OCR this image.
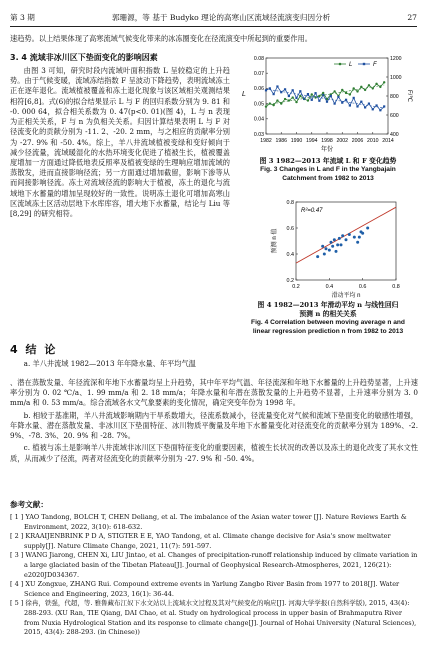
第 3 期	郭珊源，等 基于 Budyko 理论的高寒山区流域径流演变归因分析	27

速趋势。以上结果体现了高寒流域气候变化带来的冰冻圈变化在径流演变中所起到的重要作用。

3. 4 流域非冰川区下垫面变化的影响因素

由图 3 可知，研究时段内流域叶面积指数 L 呈较稳定的上升趋势。由于气候变暖，流域冻结指数 F 呈波动下降趋势，表明流域冻土正在逐年退化。流域植被覆盖和冻土退化现象与该区域相关观测结果相符[6,8]。式(6)的拟合结果显示 L 与 F 的回归系数分别为 9. 81 和 -0. 000 64，拟合相关系数为 0. 47(p<0. 01)(图 4)，L 与 n 表现为正相关关系，F 与 n 为负相关关系。归因计算结果表明 L 与 F 对径流变化的贡献分别为 -11. 2、-20. 2 mm，与之相应的贡献率分别为 -27. 9% 和 -50. 4%。综上，羊八井流域植被变绿和变好倾向于减少径流量，流域暖湿化的水热环境变化促进了植被生长，植被覆盖度增加一方面通过降低地表反照率及植被变绿的生理响应增加流域的蒸散发，进而直接影响径流；另一方面通过增加截留，影响下渗等从而间接影响径流。冻土对流域径流的影响大于植被，冻土的退化与流域地下水蓄量的增加呈现较好的一致性。说明冻土退化可增加高寒山区流域冻土区活动层地下水库库容，增大地下水蓄量，结论与 Liu 等[8,29] 的研究相符。

1982 1986 1990 1994 1998 2002 2006 2010 2014
0.03
0.04
0.05
0.06
0.07
0.08
400
600
800
1000
1200
L	F/℃
年份
L	F
图 3 1982—2013 年流域 L 和 F 变化趋势
Fig. 3 Changes in L and F in the Yangbajain
Catchment from 1982 to 2013
0.2	0.4	0.6	0.8
0.2
0.4
0.6
0.8
R²=0.47
滑动平均 n
预测 n 值
图 4 1982—2013 年滑动平均 n 与线性回归
预测 n 的相关关系
Fig. 4 Correlation between moving average n and
linear regression prediction n from 1982 to 2013
4 结 论

a. 羊八井流域 1982—2013 年年降水量、年平均气温

、潜在蒸散发量、年径流深和年地下水蓄量均呈上升趋势，其中年平均气温、年径流深和年地下水蓄量的上升趋势显著，上升速率分别为 0. 02 ℃/a、1. 99 mm/a 和 2. 18 mm/a；年降水量和年潜在蒸散发量的上升趋势不显著，上升速率分别为 3. 0 mm/a 和 0. 53 mm/a。综合流域各水文气象要素的变化情况，确定突变年份为 1998 年。

b. 相较于基准期，羊八井流域影响期内干旱系数增大，径流系数减小，径流量变化对气候和流域下垫面变化的敏感性增强，年降水量、潜在蒸散发量、非冰川区下垫面特征、冰川物质平衡量及年地下水蓄量变化对径流变化的贡献率分别为 189%、-2. 9%、-78. 3%、20. 9% 和 -28. 7%。

c. 植被与冻土是影响羊八井流域非冰川区下垫面特征变化的重要因素，植被生长状况的改善以及冻土的退化改变了其水文性质，从而减少了径流，两者对径流变化的贡献率分别为 -27. 9% 和 -50. 4%。

参考文献：
[ 1 ] YAO Tandong, BOLCH T, CHEN Deliang, et al. The imbalance of the Asian water tower [J]. Nature Reviews Earth & Environment, 2022, 3(10): 618-632.
[ 2 ] KRAAIJENBRINK P D A, STIGTER E E, YAO Tandong, et al. Climate change decisive for Asia's snow meltwater supply[J]. Nature Climate Change, 2021, 11(7): 591-597.
[ 3 ] WANG Jiarong, CHEN Xi, LIU Jintao, et al. Changes of precipitation-runoff relationship induced by climate variation in a large glaciated basin of the Tibetan Plateau[J]. Journal of Geophysical Research-Atmospheres, 2021, 126(21): e2020JD034367.
[ 4 ] XU Zongxue, ZHANG Rui. Compound extreme events in Yarlung Zangbo River Basin from 1977 to 2018[J]. Water Science and Engineering, 2023, 16(1): 36-44.
[ 5 ] 徐冉，铁强，代超，等. 雅鲁藏布江奴下水文站以上流域水文过程及其对气候变化的响应[J]. 河海大学学报(自然科学版), 2015, 43(4): 288-293. (XU Ran, TIE Qiang, DAI Chao, et al. Study on hydrological process in upper basin of Brahmaputra River from Nuxia Hydrological Station and its response to climate change[J]. Journal of Hohai University (Natural Sciences), 2015, 43(4): 288-293. (in Chinese))
